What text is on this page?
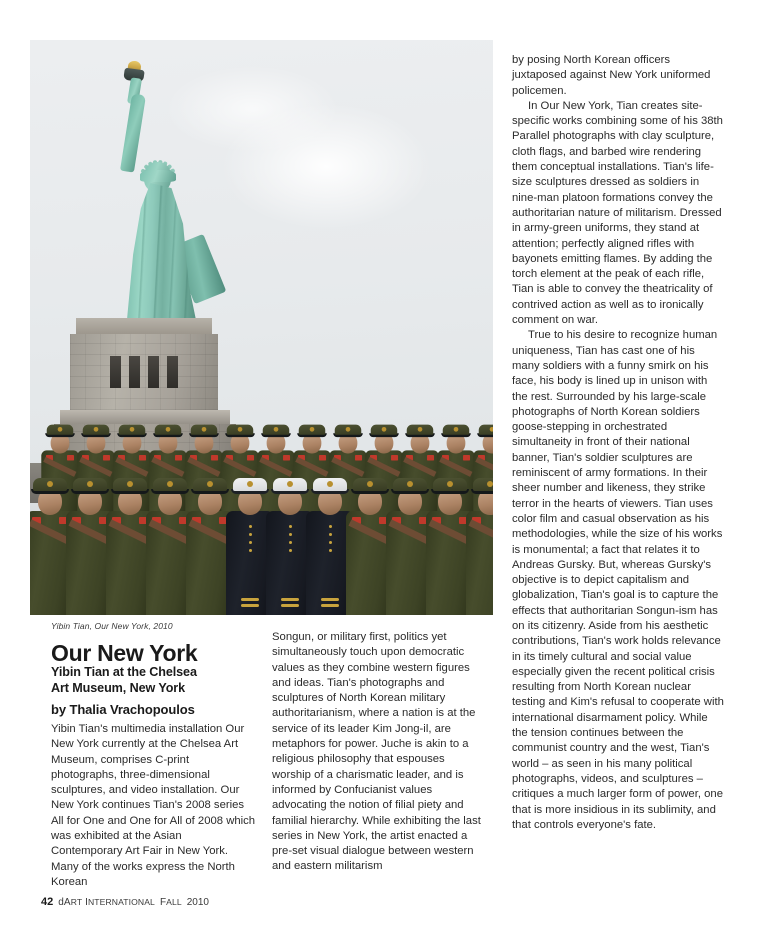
Yibin Tian, Our New York, 2010
Our New York
Yibin Tian at the Chelsea
Art Museum, New York
by Thalia Vrachopoulos

Yibin Tian's multimedia installation Our New York currently at the Chelsea Art Museum, comprises C-print photographs, three-dimensional sculptures, and video installation. Our New York continues Tian's 2008 series All for One and One for All of 2008 which was exhibited at the Asian Contemporary Art Fair in New York. Many of the works express the North Korean

Songun, or military first, politics yet simultaneously touch upon democratic values as they combine western figures and ideas. Tian's photographs and sculptures of North Korean military authoritarianism, where a nation is at the service of its leader Kim Jong-il, are metaphors for power. Juche is akin to a religious philosophy that espouses worship of a charismatic leader, and is informed by Confucianist values advocating the notion of filial piety and familial hierarchy. While exhibiting the last series in New York, the artist enacted a pre-set visual dialogue between western and eastern militarism

by posing North Korean officers juxtaposed against New York uniformed policemen.

In Our New York, Tian creates site-specific works combining some of his 38th Parallel photographs with clay sculpture, cloth flags, and barbed wire rendering them conceptual installations. Tian's life-size sculptures dressed as soldiers in nine-man platoon formations convey the authoritarian nature of militarism. Dressed in army-green uniforms, they stand at attention; perfectly aligned rifles with bayonets emitting flames. By adding the torch element at the peak of each rifle, Tian is able to convey the theatricality of contrived action as well as to ironically comment on war.

True to his desire to recognize human uniqueness, Tian has cast one of his many soldiers with a funny smirk on his face, his body is lined up in unison with the rest. Surrounded by his large-scale photographs of North Korean soldiers goose-stepping in orchestrated simultaneity in front of their national banner, Tian's soldier sculptures are reminiscent of army formations. In their sheer number and likeness, they strike terror in the hearts of viewers. Tian uses color film and casual observation as his methodologies, while the size of his works is monumental; a fact that relates it to Andreas Gursky. But, whereas Gursky's objective is to depict capitalism and globalization, Tian's goal is to capture the effects that authoritarian Songun-ism has on its citizenry. Aside from his aesthetic contributions, Tian's work holds relevance in its timely cultural and social value especially given the recent political crisis resulting from North Korean nuclear testing and Kim's refusal to cooperate with international disarmament policy. While the tension continues between the communist country and the west, Tian's world – as seen in his many political photographs, videos, and sculptures – critiques a much larger form of power, one that is more insidious in its sublimity, and that controls everyone's fate.

42 dART INTERNATIONAL FALL 2010
